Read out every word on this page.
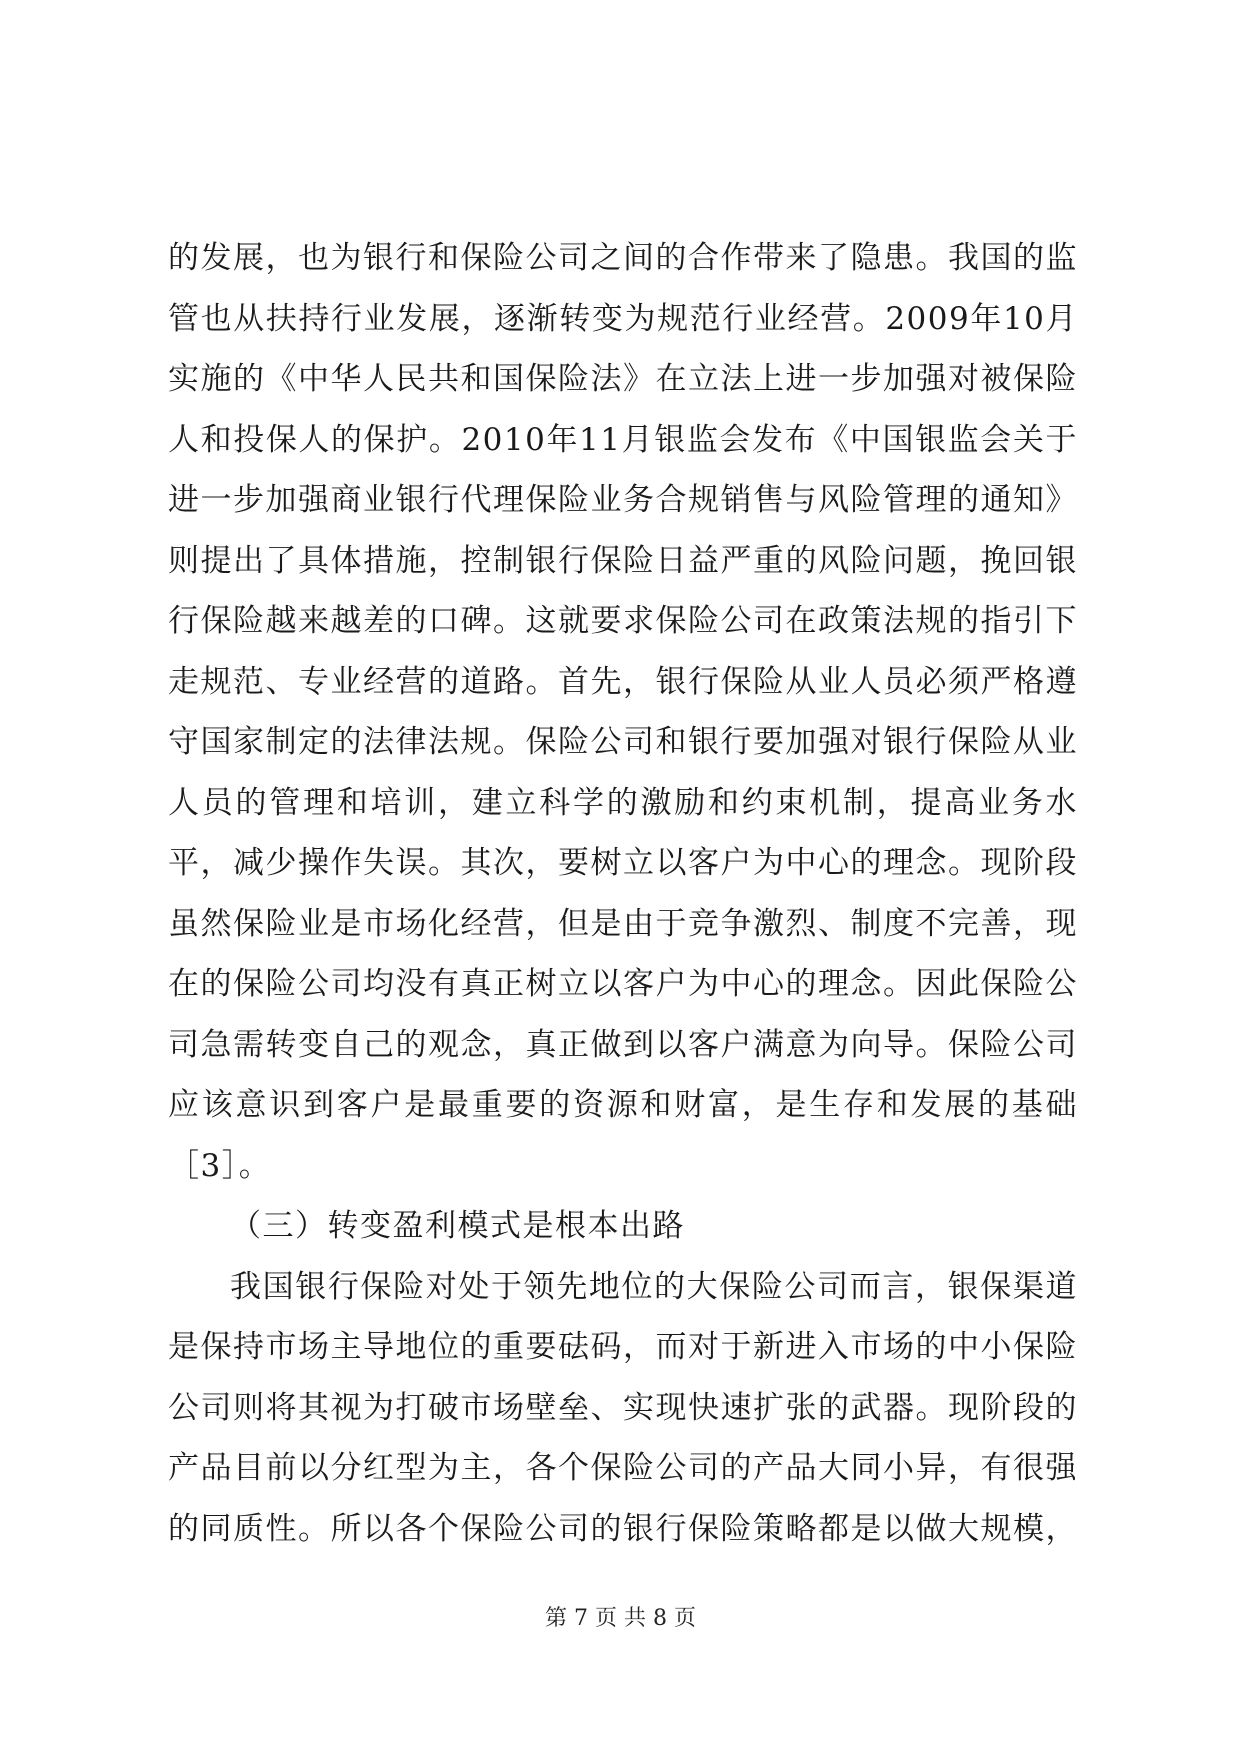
的发展，也为银行和保险公司之间的合作带来了隐患。我国的监管也从扶持行业发展，逐渐转变为规范行业经营。2009年10月实施的《中华人民共和国保险法》在立法上进一步加强对被保险人和投保人的保护。2010年11月银监会发布《中国银监会关于进一步加强商业银行代理保险业务合规销售与风险管理的通知》则提出了具体措施，控制银行保险日益严重的风险问题，挽回银行保险越来越差的口碑。这就要求保险公司在政策法规的指引下走规范、专业经营的道路。首先，银行保险从业人员必须严格遵守国家制定的法律法规。保险公司和银行要加强对银行保险从业人员的管理和培训，建立科学的激励和约束机制，提高业务水平，减少操作失误。其次，要树立以客户为中心的理念。现阶段虽然保险业是市场化经营，但是由于竞争激烈、制度不完善，现在的保险公司均没有真正树立以客户为中心的理念。因此保险公司急需转变自己的观念，真正做到以客户满意为向导。保险公司应该意识到客户是最重要的资源和财富，是生存和发展的基础［3］。

（三）转变盈利模式是根本出路

我国银行保险对处于领先地位的大保险公司而言，银保渠道是保持市场主导地位的重要砝码，而对于新进入市场的中小保险公司则将其视为打破市场壁垒、实现快速扩张的武器。现阶段的产品目前以分红型为主，各个保险公司的产品大同小异，有很强的同质性。所以各个保险公司的银行保险策略都是以做大规模，

第 7 页 共 8 页
